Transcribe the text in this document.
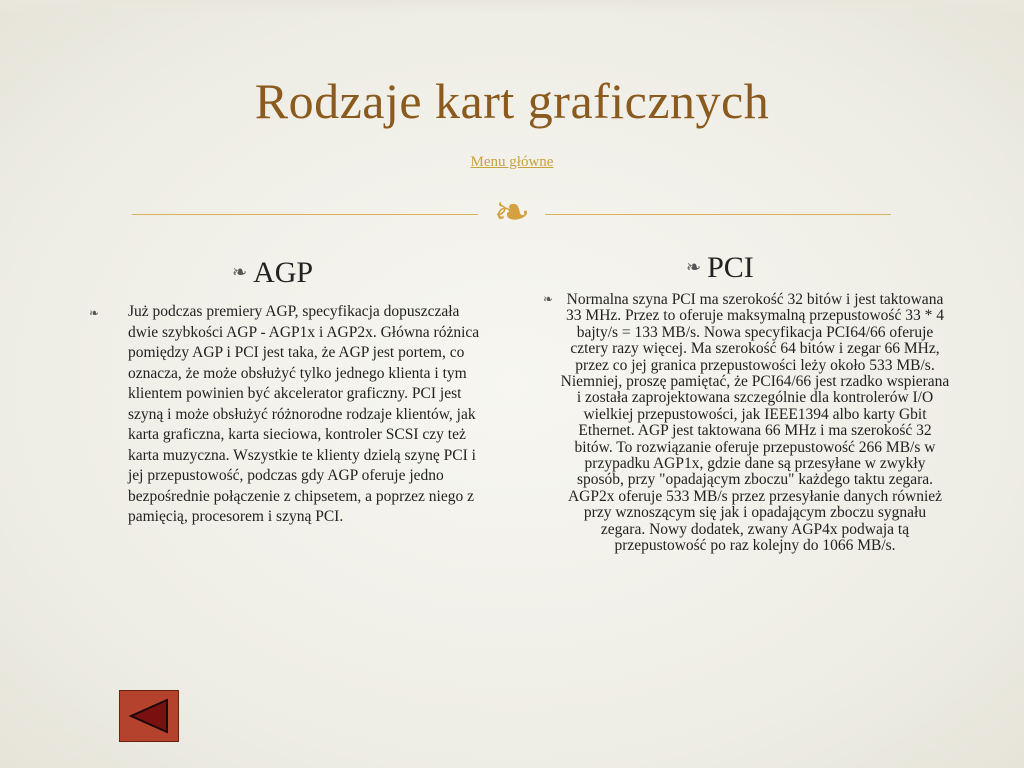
Rodzaje kart graficznych
Menu główne
❧
❧ AGP
❧ Już podczas premiery AGP, specyfikacja dopuszczała dwie szybkości AGP - AGP1x i AGP2x. Główna różnica pomiędzy AGP i PCI jest taka, że AGP jest portem, co oznacza, że może obsłużyć tylko jednego klienta i tym klientem powinien być akcelerator graficzny. PCI jest szyną i może obsłużyć różnorodne rodzaje klientów, jak karta graficzna, karta sieciowa, kontroler SCSI czy też karta muzyczna. Wszystkie te klienty dzielą szynę PCI i jej przepustowość, podczas gdy AGP oferuje jedno bezpośrednie połączenie z chipsetem, a poprzez niego z pamięcią, procesorem i szyną PCI.
❧ PCI
❧ Normalna szyna PCI ma szerokość 32 bitów i jest taktowana 33 MHz. Przez to oferuje maksymalną przepustowość 33 * 4 bajty/s = 133 MB/s. Nowa specyfikacja PCI64/66 oferuje cztery razy więcej. Ma szerokość 64 bitów i zegar 66 MHz, przez co jej granica przepustowości leży około 533 MB/s. Niemniej, proszę pamiętać, że PCI64/66 jest rzadko wspierana i została zaprojektowana szczególnie dla kontrolerów I/O wielkiej przepustowości, jak IEEE1394 albo karty Gbit Ethernet. AGP jest taktowana 66 MHz i ma szerokość 32 bitów. To rozwiązanie oferuje przepustowość 266 MB/s w przypadku AGP1x, gdzie dane są przesyłane w zwykły sposób, przy "opadającym zboczu" każdego taktu zegara. AGP2x oferuje 533 MB/s przez przesyłanie danych również przy wznoszącym się jak i opadającym zboczu sygnału zegara. Nowy dodatek, zwany AGP4x podwaja tą przepustowość po raz kolejny do 1066 MB/s.
